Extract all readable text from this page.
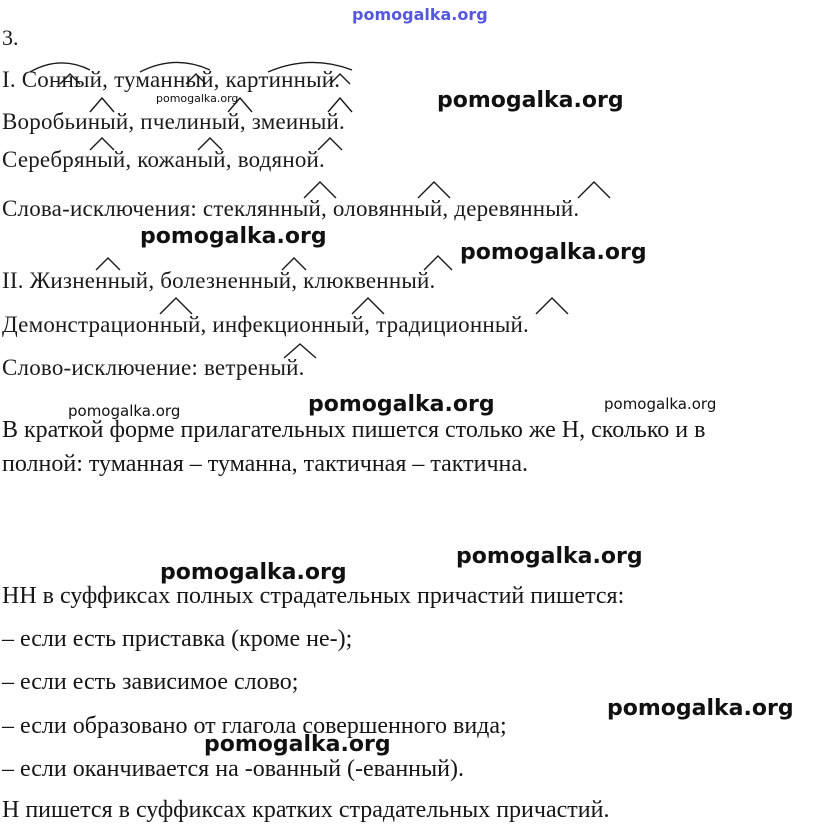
pomogalka.org
3.
I. Сонный, туманный, картинный.
Воробьиный, пчелиный, змеиный.
Серебряный, кожаный, водяной.
Слова-исключения: стеклянный, оловянный, деревянный.
II. Жизненный, болезненный, клюквенный.
Демонстрационный, инфекционный, традиционный.
Слово-исключение: ветреный.
pomogalka.org	pomogalka.org
pomogalka.org
pomogalka.org
pomogalka.org	pomogalka.org	pomogalka.org
В краткой форме прилагательных пишется столько же Н, сколько и в
полной: туманная – туманна, тактичная – тактична.
pomogalka.org
pomogalka.org
НН в суффиксах полных страдательных причастий пишется:
– если есть приставка (кроме не-);
– если есть зависимое слово;
– если образовано от глагола совершенного вида;
– если оканчивается на -ованный (-еванный).
Н пишется в суффиксах кратких страдательных причастий.
pomogalka.org
pomogalka.org
